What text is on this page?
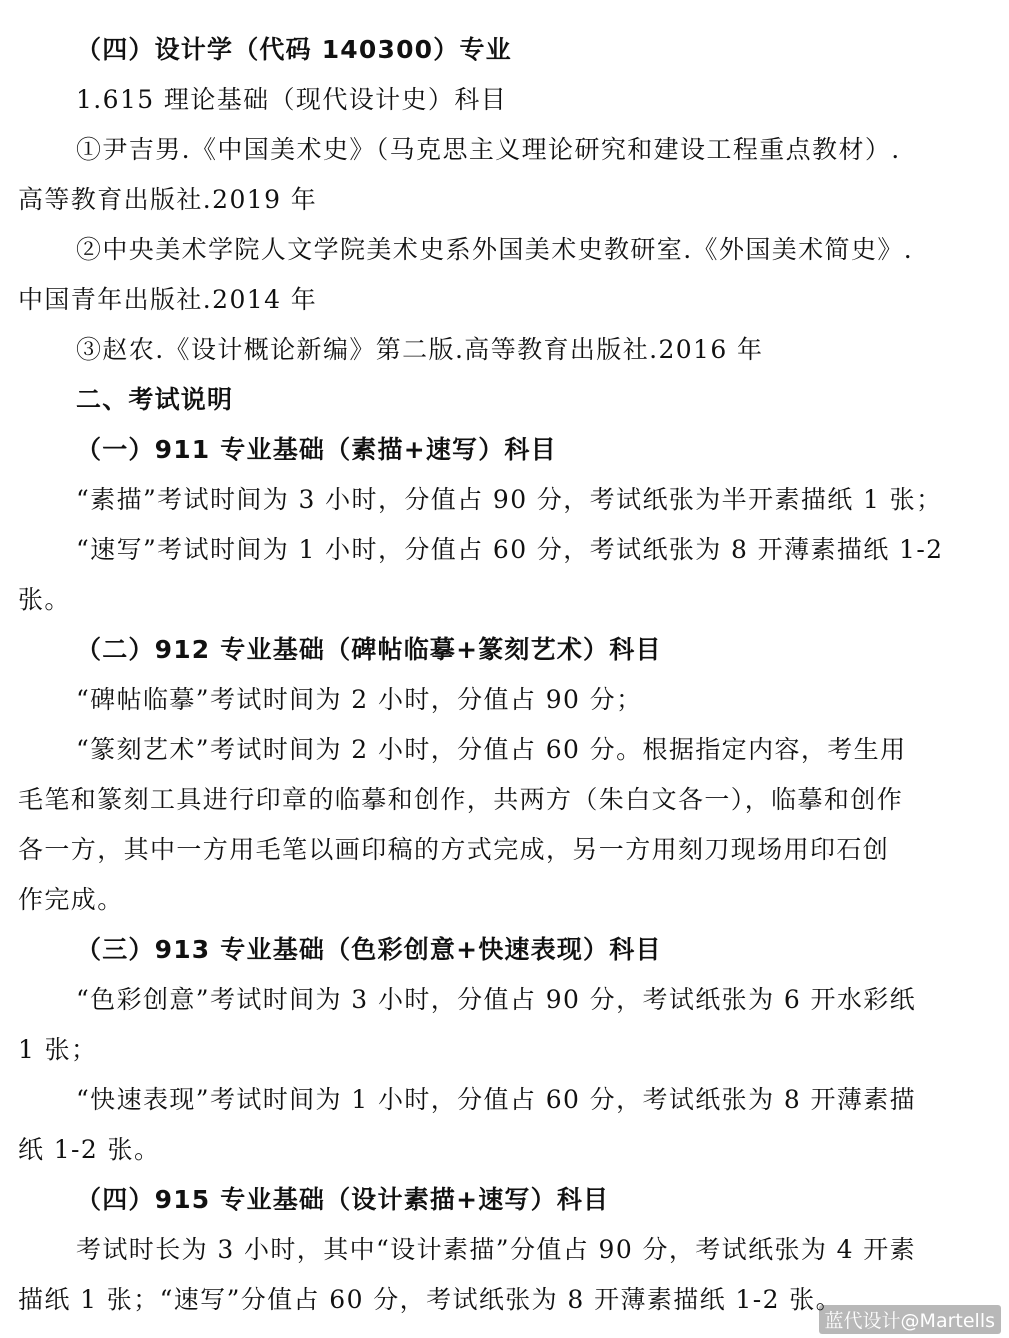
（四）设计学（代码 140300）专业
1.615 理论基础（现代设计史）科目
①尹吉男.《中国美术史》（马克思主义理论研究和建设工程重点教材）.
高等教育出版社.2019 年
②中央美术学院人文学院美术史系外国美术史教研室.《外国美术简史》.
中国青年出版社.2014 年
③赵农.《设计概论新编》第二版.高等教育出版社.2016 年
二、考试说明
（一）911 专业基础（素描+速写）科目
“素描”考试时间为 3 小时，分值占 90 分，考试纸张为半开素描纸 1 张；
“速写”考试时间为 1 小时，分值占 60 分，考试纸张为 8 开薄素描纸 1-2
张。
（二）912 专业基础（碑帖临摹+篆刻艺术）科目
“碑帖临摹”考试时间为 2 小时，分值占 90 分；
“篆刻艺术”考试时间为 2 小时，分值占 60 分。根据指定内容，考生用
毛笔和篆刻工具进行印章的临摹和创作，共两方（朱白文各一），临摹和创作
各一方，其中一方用毛笔以画印稿的方式完成，另一方用刻刀现场用印石创
作完成。
（三）913 专业基础（色彩创意+快速表现）科目
“色彩创意”考试时间为 3 小时，分值占 90 分，考试纸张为 6 开水彩纸
1 张；
“快速表现”考试时间为 1 小时，分值占 60 分，考试纸张为 8 开薄素描
纸 1-2 张。
（四）915 专业基础（设计素描+速写）科目
考试时长为 3 小时，其中“设计素描”分值占 90 分，考试纸张为 4 开素
描纸 1 张；“速写”分值占 60 分，考试纸张为 8 开薄素描纸 1-2 张。
蓝代设计@Martells
